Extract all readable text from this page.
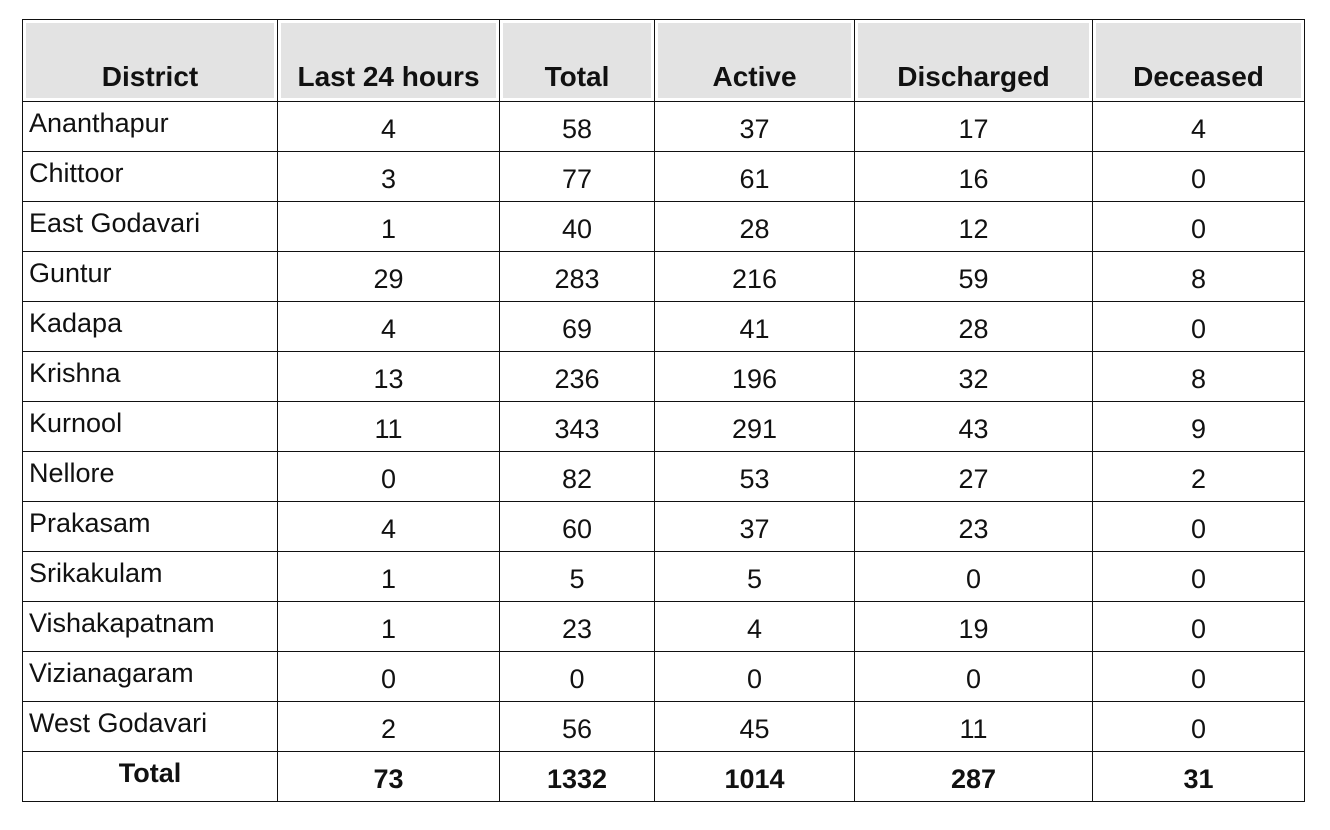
District	Last 24 hours	Total	Active	Discharged	Deceased
Ananthapur	4	58	37	17	4
Chittoor	3	77	61	16	0
East Godavari	1	40	28	12	0
Guntur	29	283	216	59	8
Kadapa	4	69	41	28	0
Krishna	13	236	196	32	8
Kurnool	11	343	291	43	9
Nellore	0	82	53	27	2
Prakasam	4	60	37	23	0
Srikakulam	1	5	5	0	0
Vishakapatnam	1	23	4	19	0
Vizianagaram	0	0	0	0	0
West Godavari	2	56	45	11	0
Total	73	1332	1014	287	31
